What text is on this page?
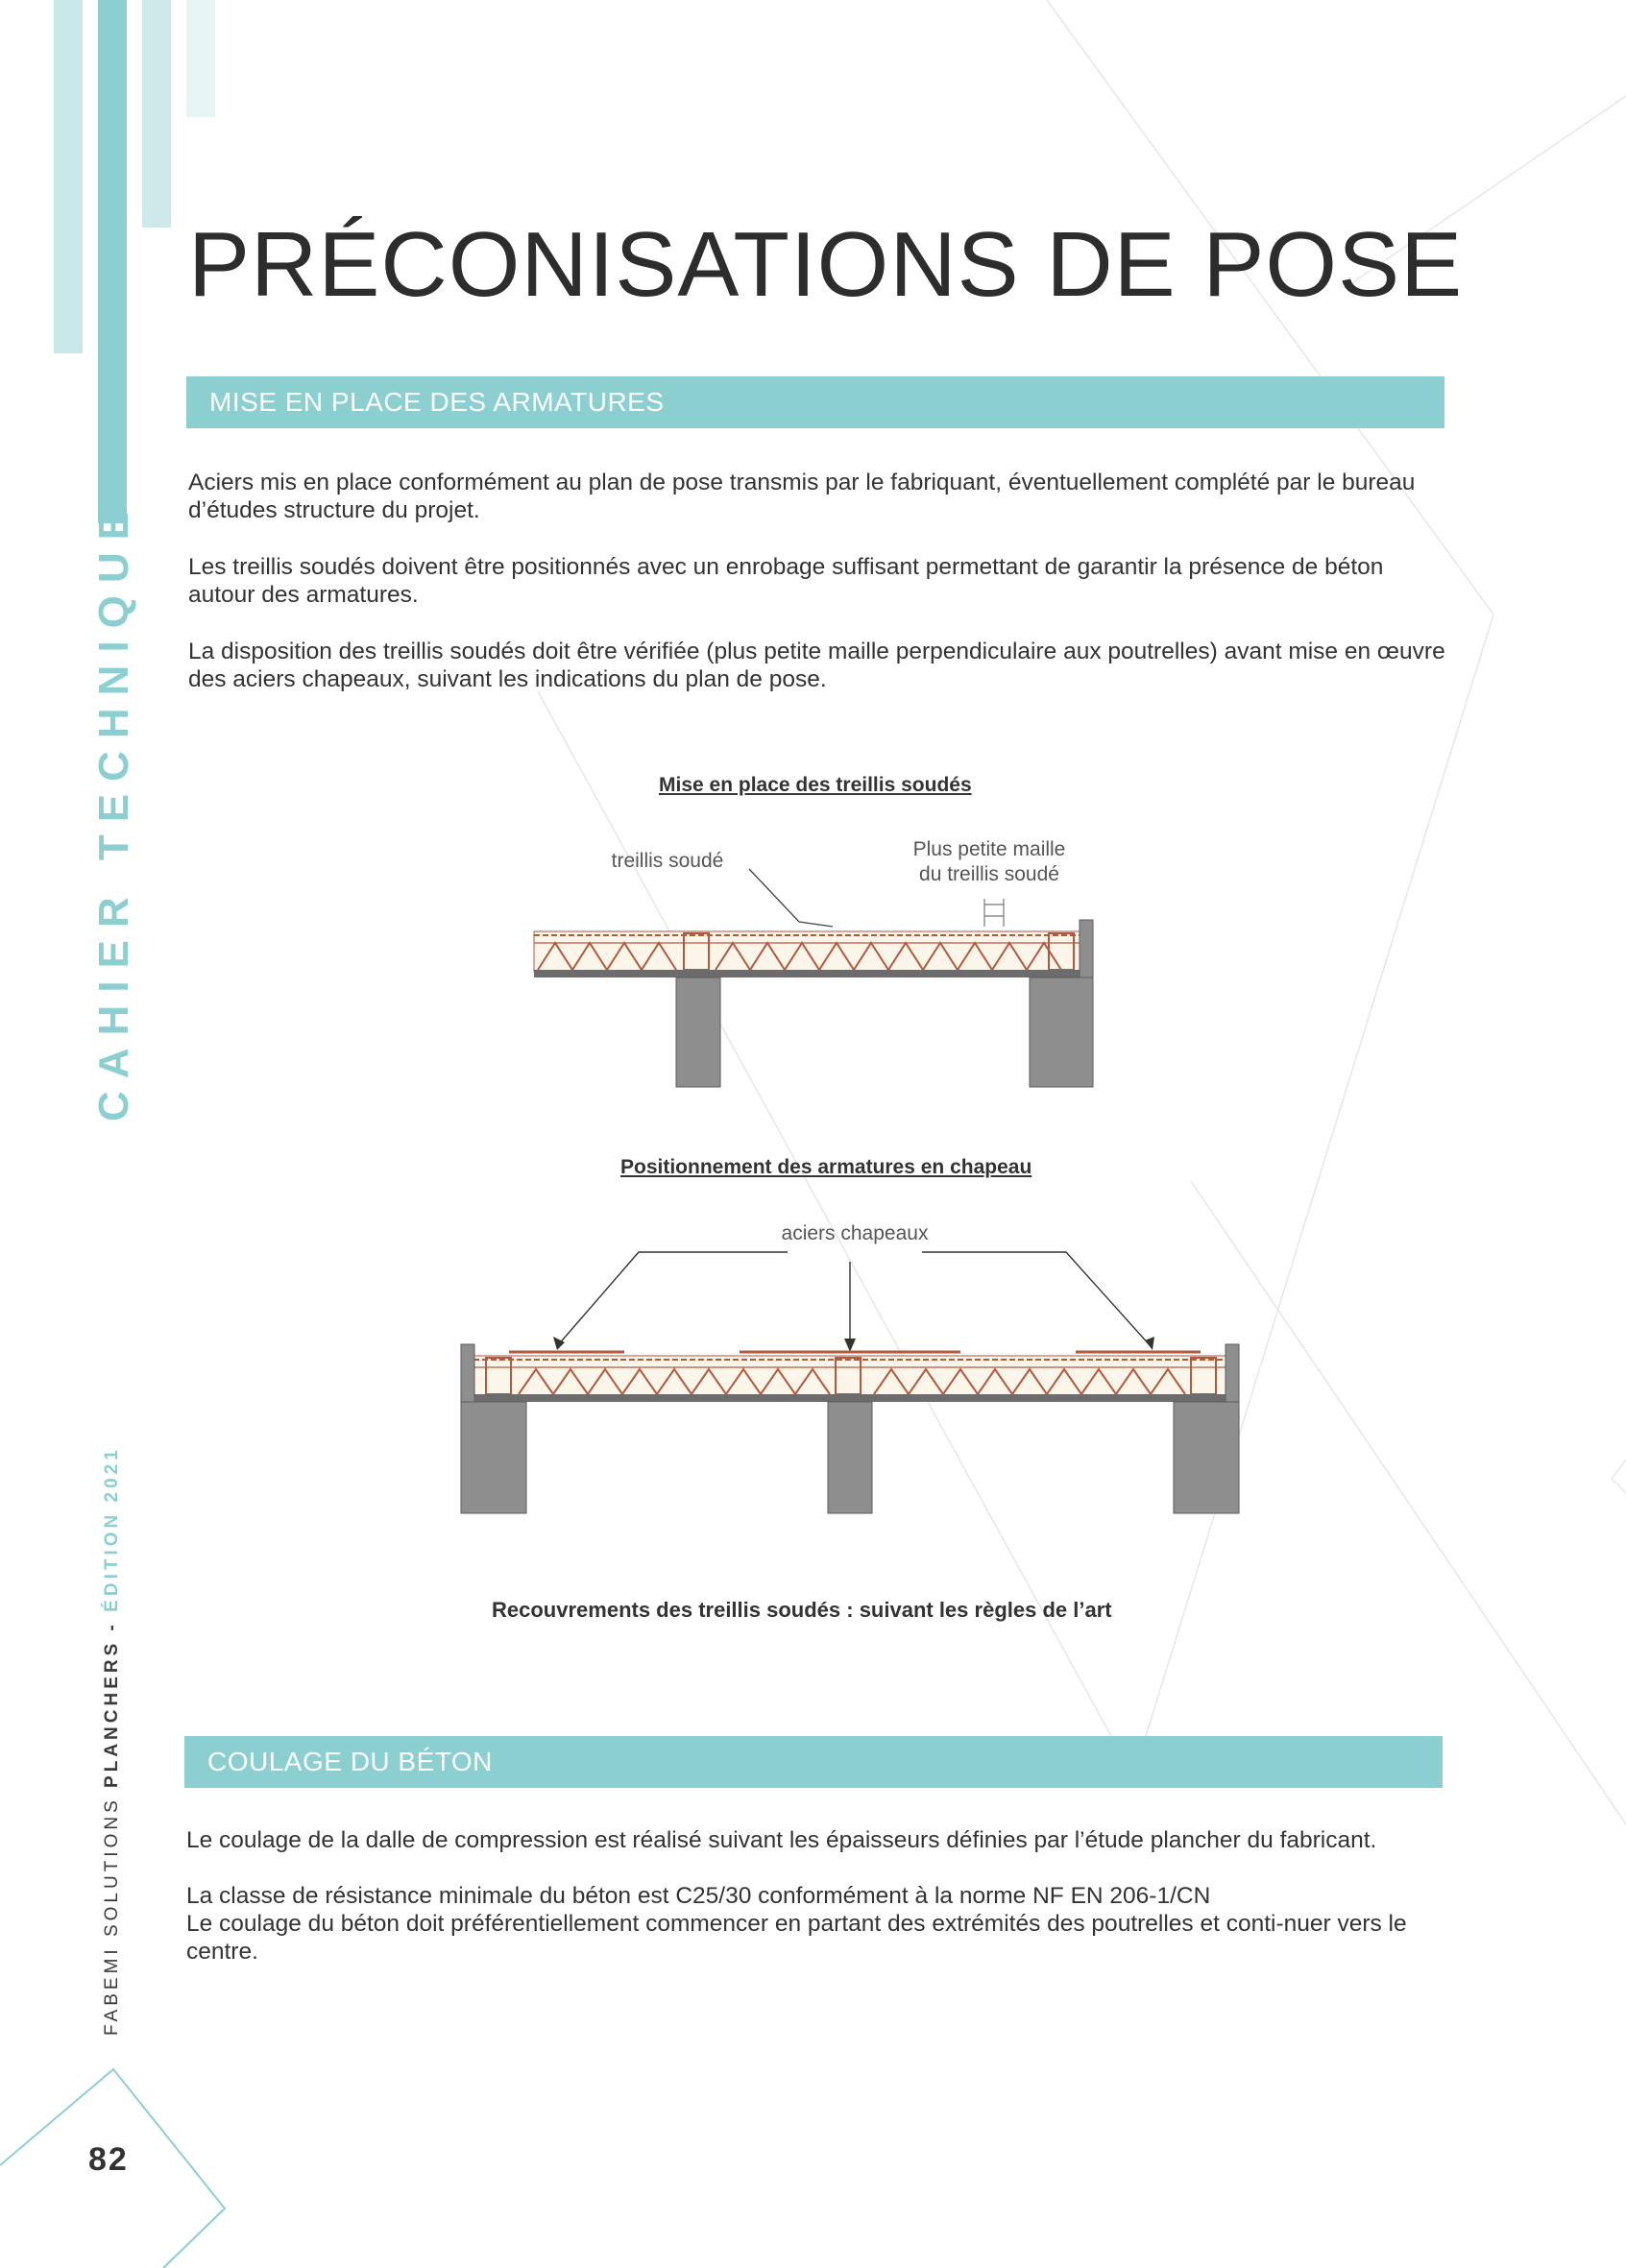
CAHIER TECHNIQUE
FABEMI SOLUTIONS PLANCHERS - ÉDITION 2021
PRÉCONISATIONS DE POSE
MISE EN PLACE DES ARMATURES

Aciers mis en place conformément au plan de pose transmis par le fabriquant, éventuellement complété par le bureau d’études structure du projet.

Les treillis soudés doivent être positionnés avec un enrobage suffisant permettant de garantir la présence de béton autour des armatures.

La disposition des treillis soudés doit être vérifiée (plus petite maille perpendiculaire aux poutrelles) avant mise en œuvre des aciers chapeaux, suivant les indications du plan de pose.

Mise en place des treillis soudés
treillis soudé
Plus petite maille
du treillis soudé
Positionnement des armatures en chapeau
aciers chapeaux
Recouvrements des treillis soudés : suivant les règles de l’art
COULAGE DU BÉTON

Le coulage de la dalle de compression est réalisé suivant les épaisseurs définies par l’étude plancher du fabricant.

La classe de résistance minimale du béton est C25/30 conformément à la norme NF EN 206-1/CN

Le coulage du béton doit préférentiellement commencer en partant des extrémités des poutrelles et conti-nuer vers le centre.

82
